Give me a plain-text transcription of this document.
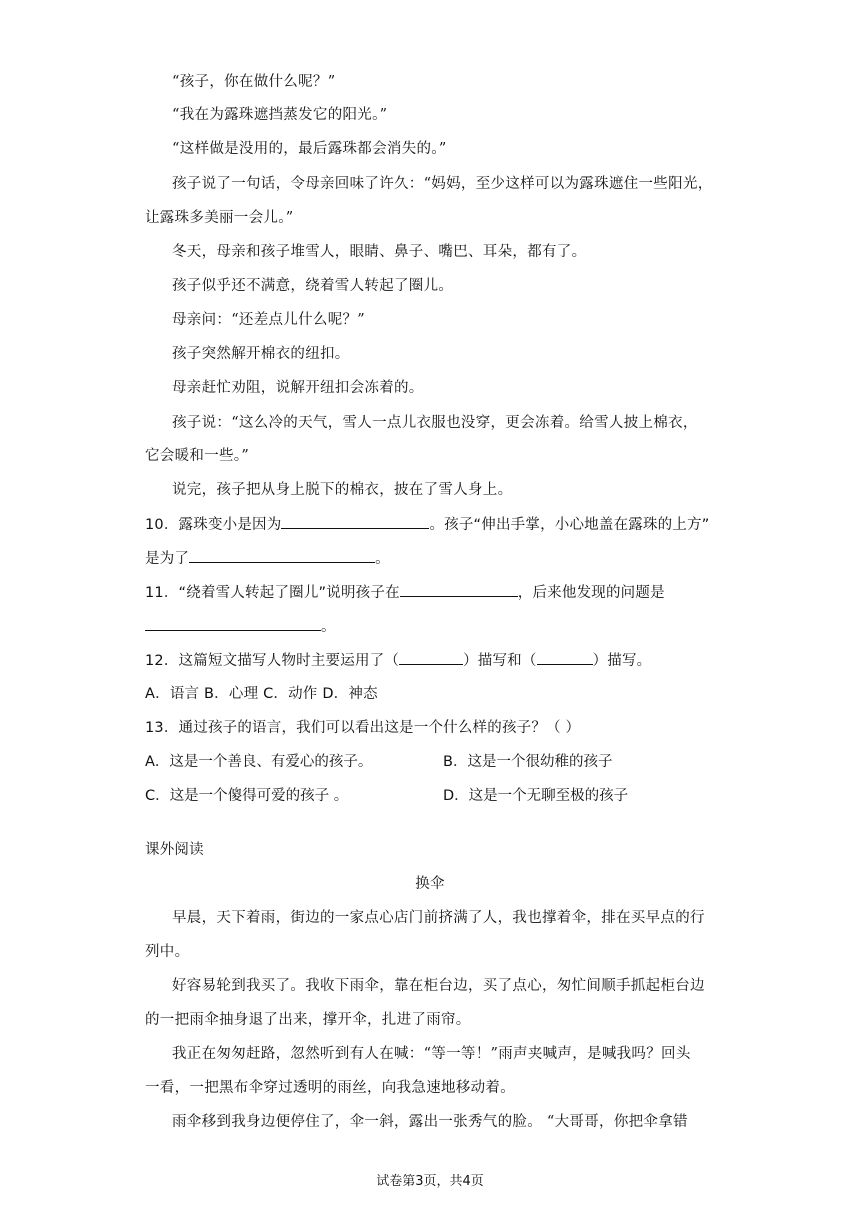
“孩子，你在做什么呢？”
“我在为露珠遮挡蒸发它的阳光。”
“这样做是没用的，最后露珠都会消失的。”
孩子说了一句话，令母亲回味了许久：“妈妈，至少这样可以为露珠遮住一些阳光，
让露珠多美丽一会儿。”
冬天，母亲和孩子堆雪人，眼睛、鼻子、嘴巴、耳朵，都有了。
孩子似乎还不满意，绕着雪人转起了圈儿。
母亲问：“还差点儿什么呢？”
孩子突然解开棉衣的纽扣。
母亲赶忙劝阻，说解开纽扣会冻着的。
孩子说：“这么冷的天气，雪人一点儿衣服也没穿，更会冻着。给雪人披上棉衣，
它会暖和一些。”
说完，孩子把从身上脱下的棉衣，披在了雪人身上。
10．露珠变小是因为	。孩子“伸出手掌，小心地盖在露珠的上方”
是为了	。
11．“绕着雪人转起了圈儿”说明孩子在	，后来他发现的问题是
。
12．这篇短文描写人物时主要运用了（	）描写和（	）描写。
A．语言 B．心理 C．动作 D．神态
13．通过孩子的语言，我们可以看出这是一个什么样的孩子？（ ）
A．这是一个善良、有爱心的孩子。	B．这是一个很幼稚的孩子
C．这是一个傻得可爱的孩子 。	D．这是一个无聊至极的孩子
课外阅读
换伞
早晨，天下着雨，街边的一家点心店门前挤满了人，我也撑着伞，排在买早点的行
列中。
好容易轮到我买了。我收下雨伞，靠在柜台边，买了点心，匆忙间顺手抓起柜台边
的一把雨伞抽身退了出来，撑开伞，扎进了雨帘。
我正在匆匆赶路，忽然听到有人在喊：“等一等！”雨声夹喊声，是喊我吗？回头
一看，一把黑布伞穿过透明的雨丝，向我急速地移动着。
雨伞移到我身边便停住了，伞一斜，露出一张秀气的脸。 “大哥哥，你把伞拿错
试卷第3页，共4页
